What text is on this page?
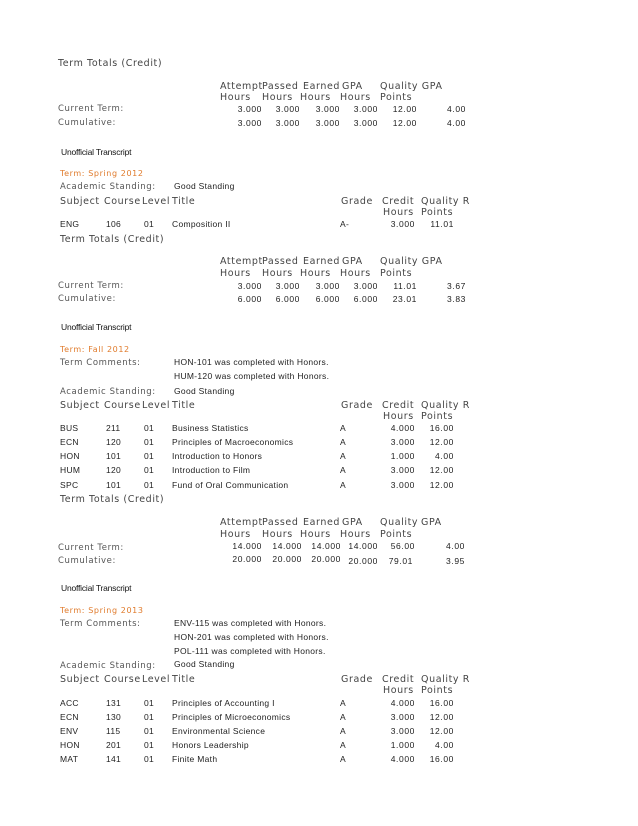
Term Totals (Credit)
Attempt Passed Earned GPA Quality GPA
Hours Hours Hours Hours Points
Current Term:	3.000	3.000	3.000	3.000	12.00	4.00
Cumulative:	3.000	3.000	3.000	3.000	12.00	4.00
Unofficial Transcript
Term: Spring 2012
Academic Standing: Good Standing
Subject Course Level Title	Grade Credit Quality R
Hours Points
ENG	106	01 Composition II	A-	3.000	11.01
Term Totals (Credit)
Attempt Passed Earned GPA Quality GPA
Hours Hours Hours Hours Points
Current Term:	3.000	3.000	3.000	3.000	11.01	3.67
Cumulative:	6.000	6.000	6.000	6.000	23.01	3.83
Unofficial Transcript
Term: Fall 2012
Term Comments:	HON-101 was completed with Honors.
HUM-120 was completed with Honors.
Academic Standing: Good Standing
Subject Course Level Title	Grade Credit Quality R
Hours Points
BUS	211	01 Business Statistics	A	4.000	16.00
ECN	120	01 Principles of Macroeconomics	A	3.000	12.00
HON	101	01 Introduction to Honors	A	1.000	4.00
HUM	120	01 Introduction to Film	A	3.000	12.00
SPC	101	01 Fund of Oral Communication	A	3.000	12.00
Term Totals (Credit)
Attempt Passed Earned GPA Quality GPA
Hours Hours Hours Hours Points
Current Term:	14.000	14.000	14.000 14.000	56.00	4.00
Cumulative:	20.000	20.000	20.000 20.000	79.01	3.95
Unofficial Transcript
Term: Spring 2013
Term Comments:	ENV-115 was completed with Honors.
HON-201 was completed with Honors.
POL-111 was completed with Honors.
Academic Standing: Good Standing
Subject Course Level Title	Grade Credit Quality R
Hours Points
ACC	131	01 Principles of Accounting I	A	4.000	16.00
ECN	130	01 Principles of Microeconomics	A	3.000	12.00
ENV	115	01 Environmental Science	A	3.000	12.00
HON	201	01 Honors Leadership	A	1.000	4.00
MAT	141	01 Finite Math	A	4.000	16.00
